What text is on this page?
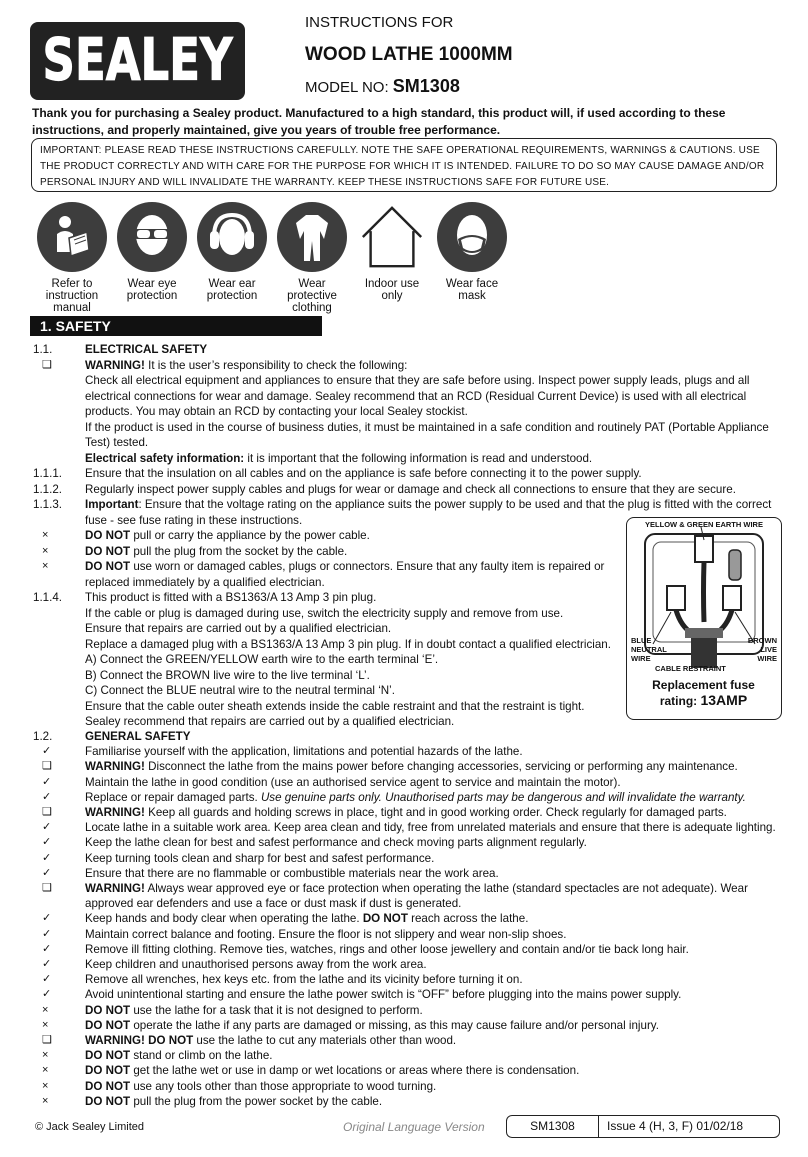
SEALEY
INSTRUCTIONS FOR
WOOD LATHE 1000MM
MODEL NO: SM1308
Thank you for purchasing a Sealey product. Manufactured to a high standard, this product will, if used according to these instructions, and properly maintained, give you years of trouble free performance.
IMPORTANT: PLEASE READ THESE INSTRUCTIONS CAREFULLY. NOTE THE SAFE OPERATIONAL REQUIREMENTS, WARNINGS & CAUTIONS. USE THE PRODUCT CORRECTLY AND WITH CARE FOR THE PURPOSE FOR WHICH IT IS INTENDED. FAILURE TO DO SO MAY CAUSE DAMAGE AND/OR PERSONAL INJURY AND WILL INVALIDATE THE WARRANTY. KEEP THESE INSTRUCTIONS SAFE FOR FUTURE USE.
Refer to instruction manual
Wear eye protection
Wear ear protection
Wear protective clothing
Indoor use only
Wear face mask
1. SAFETY
1.1.	ELECTRICAL SAFETY
❑	WARNING! It is the user’s responsibility to check the following:
Check all electrical equipment and appliances to ensure that they are safe before using. Inspect power supply leads, plugs and all
electrical connections for wear and damage. Sealey recommend that an RCD (Residual Current Device) is used with all electrical
products. You may obtain an RCD by contacting your local Sealey stockist.
If the product is used in the course of business duties, it must be maintained in a safe condition and routinely PAT (Portable Appliance
Test) tested.
Electrical safety information: it is important that the following information is read and understood.
1.1.1. Ensure that the insulation on all cables and on the appliance is safe before connecting it to the power supply.
1.1.2. Regularly inspect power supply cables and plugs for wear or damage and check all connections to ensure that they are secure.
1.1.3. Important: Ensure that the voltage rating on the appliance suits the power supply to be used and that the plug is fitted with the correct
fuse - see fuse rating in these instructions.
×	DO NOT pull or carry the appliance by the power cable.
×	DO NOT pull the plug from the socket by the cable.
×	DO NOT use worn or damaged cables, plugs or connectors. Ensure that any faulty item is repaired or
replaced immediately by a qualified electrician.
1.1.4. This product is fitted with a BS1363/A 13 Amp 3 pin plug.
If the cable or plug is damaged during use, switch the electricity supply and remove from use.
Ensure that repairs are carried out by a qualified electrician.
Replace a damaged plug with a BS1363/A 13 Amp 3 pin plug. If in doubt contact a qualified electrician.
A) Connect the GREEN/YELLOW earth wire to the earth terminal ‘E’.
B) Connect the BROWN live wire to the live terminal ‘L’.
C) Connect the BLUE neutral wire to the neutral terminal ‘N’.
Ensure that the cable outer sheath extends inside the cable restraint and that the restraint is tight.
Sealey recommend that repairs are carried out by a qualified electrician.
1.2.	GENERAL SAFETY
✓	Familiarise yourself with the application, limitations and potential hazards of the lathe.
❑	WARNING! Disconnect the lathe from the mains power before changing accessories, servicing or performing any maintenance.
✓	Maintain the lathe in good condition (use an authorised service agent to service and maintain the motor).
✓	Replace or repair damaged parts. Use genuine parts only. Unauthorised parts may be dangerous and will invalidate the warranty.
❑	WARNING! Keep all guards and holding screws in place, tight and in good working order. Check regularly for damaged parts.
✓	Locate lathe in a suitable work area. Keep area clean and tidy, free from unrelated materials and ensure that there is adequate lighting.
✓	Keep the lathe clean for best and safest performance and check moving parts alignment regularly.
✓	Keep turning tools clean and sharp for best and safest performance.
✓	Ensure that there are no flammable or combustible materials near the work area.
❑	WARNING! Always wear approved eye or face protection when operating the lathe (standard spectacles are not adequate). Wear
approved ear defenders and use a face or dust mask if dust is generated.
✓	Keep hands and body clear when operating the lathe. DO NOT reach across the lathe.
✓	Maintain correct balance and footing. Ensure the floor is not slippery and wear non-slip shoes.
✓	Remove ill fitting clothing. Remove ties, watches, rings and other loose jewellery and contain and/or tie back long hair.
✓	Keep children and unauthorised persons away from the work area.
✓	Remove all wrenches, hex keys etc. from the lathe and its vicinity before turning it on.
✓	Avoid unintentional starting and ensure the lathe power switch is “OFF” before plugging into the mains power supply.
×	DO NOT use the lathe for a task that it is not designed to perform.
×	DO NOT operate the lathe if any parts are damaged or missing, as this may cause failure and/or personal injury.
❑	WARNING! DO NOT use the lathe to cut any materials other than wood.
×	DO NOT stand or climb on the lathe.
×	DO NOT get the lathe wet or use in damp or wet locations or areas where there is condensation.
×	DO NOT use any tools other than those appropriate to wood turning.
×	DO NOT pull the plug from the power socket by the cable.
YELLOW & GREEN EARTH WIRE
BLUE NEUTRAL WIRE
BROWN LIVE WIRE
CABLE RESTRAINT
Replacement fuse
rating: 13AMP
© Jack Sealey Limited	Original Language Version	SM1308	Issue 4 (H, 3, F) 01/02/18
